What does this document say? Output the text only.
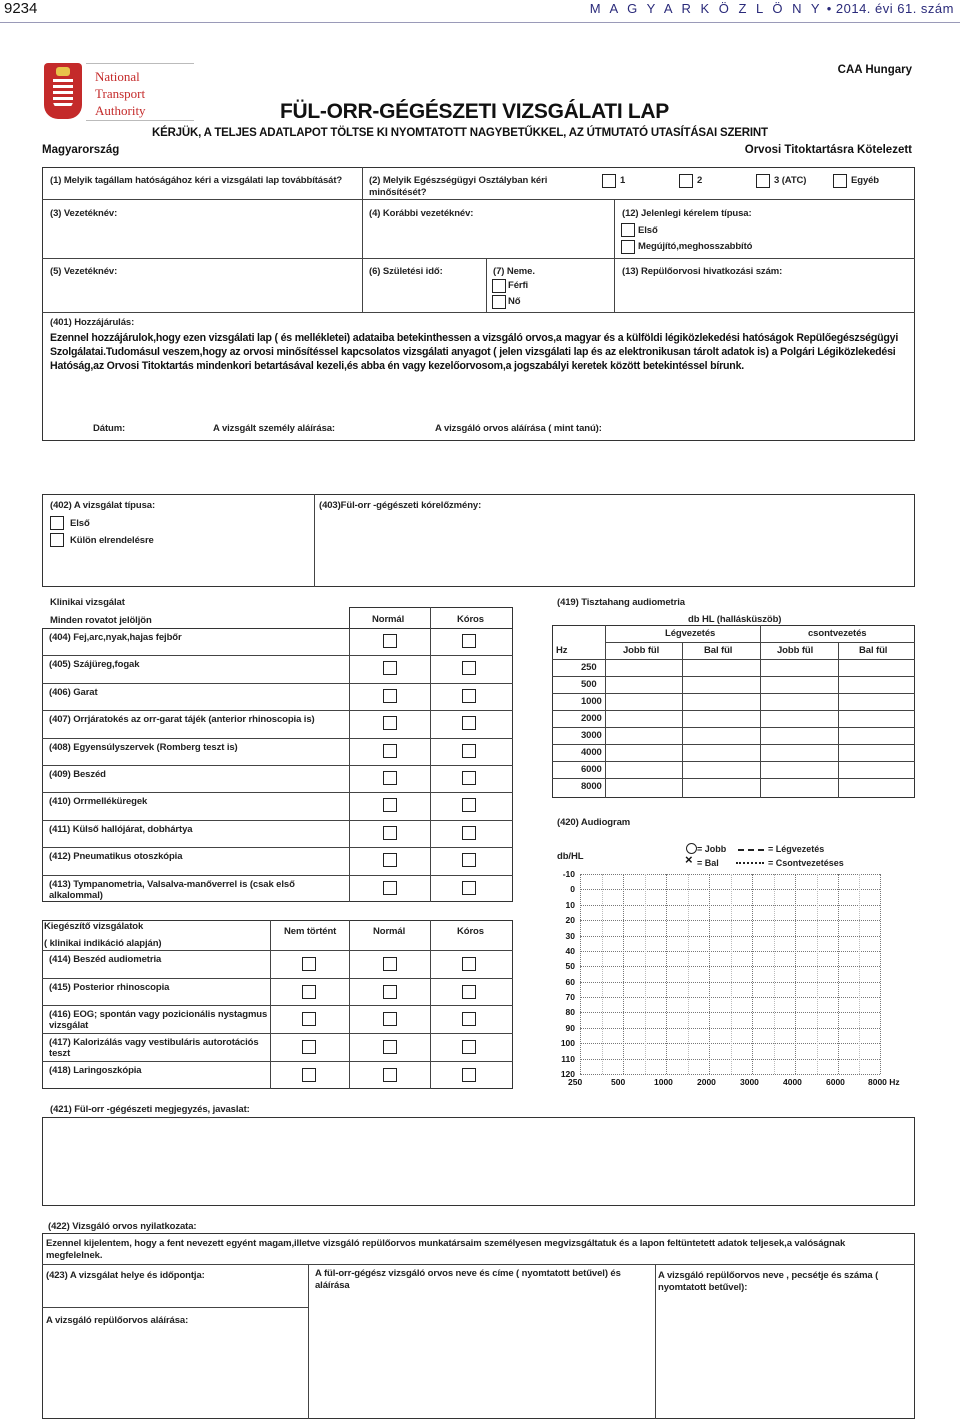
9234	M A G Y A R K Ö Z L Ö N Y • 2014. évi 61. szám
National
Transport
Authority
CAA Hungary
FÜL-ORR-GÉGÉSZETI VIZSGÁLATI LAP
KÉRJÜK, A TELJES ADATLAPOT TÖLTSE KI NYOMTATOTT NAGYBETŰKKEL, AZ ÚTMUTATÓ UTASÍTÁSAI SZERINT
Magyarország	Orvosi Titoktartásra Kötelezett
(1) Melyik tagállam hatóságához kéri a vizsgálati lap továbbítását?	(2) Melyik Egészségügyi Osztályban kéri minősítését?
1	2	3 (ATC)	Egyéb
(3) Vezetéknév:	(4) Korábbi vezetéknév:	(12) Jelenlegi kérelem típusa:
Első
Megújító,meghosszabbító
(5) Vezetéknév:	(6) Születési idő:	(7) Neme.
Férfi
Nő
(13) Repülőorvosi hivatkozási szám:
(401) Hozzájárulás:
Ezennel hozzájárulok,hogy ezen vizsgálati lap ( és mellékletei) adataiba betekinthessen a vizsgáló orvos,a magyar és a külföldi légiközlekedési hatóságok Repülőegészségügyi Szolgálatai.Tudomásul veszem,hogy az orvosi minősítéssel kapcsolatos vizsgálati anyagot ( jelen vizsgálati lap és az elektronikusan tárolt adatok is) a Polgári Légiközlekedési Hatóság,az Orvosi Titoktartás mindenkori betartásával kezeli,és abba én vagy kezelőorvosom,a jogszabályi keretek között betekintéssel bírunk.
Dátum:	A vizsgált személy aláírása:	A vizsgáló orvos aláírása ( mint tanú):
(402) A vizsgálat típusa:
Első
Külön elrendelésre
(403)Fül-orr -gégészeti kórelőzmény:
Klinikai vizsgálat
Minden rovatot jelöljön	Normál	Kóros
(404) Fej,arc,nyak,hajas fejbőr
(405) Szájüreg,fogak
(406) Garat
(407) Orrjáratokés az orr-garat tájék (anterior rhinoscopia is)
(408) Egyensúlyszervek (Romberg teszt is)
(409) Beszéd
(410) Orrmelléküregek
(411) Külső hallójárat, dobhártya
(412) Pneumatikus otoszkópia
(413) Tympanometria, Valsalva-manőverrel is (csak első alkalommal)
Kiegészítő vizsgálatok
( klinikai indikáció alapján)
Nem történt	Normál	Kóros
(414) Beszéd audiometria
(415) Posterior rhinoscopia
(416) EOG; spontán vagy pozicionális nystagmus vizsgálat
(417) Kalorizálás vagy vestibuláris autorotációs teszt
(418) Laringoszkópia
(419) Tisztahang audiometria
db HL (hallásküszöb)
Légvezetés	csontvezetés
Hz	Jobb fül	Bal fül	Jobb fül	Bal fül
250
500
1000
2000
3000
4000
6000
8000
(420) Audiogram
db/HL
= Jobb
× = Bal
= Légvezetés
= Csontvezetéses
-10
0
10
20
30
40
50
60
70
80
90
100
110
120
250	500	1000	2000	3000	4000	6000	8000 Hz
(421) Fül-orr -gégészeti megjegyzés, javaslat:
(422) Vizsgáló orvos nyilatkozata:
Ezennel kijelentem, hogy a fent nevezett egyént magam,illetve vizsgáló repülőorvos munkatársaim személyesen megvizsgáltatuk és a lapon feltüntetett adatok teljesek,a valóságnak megfelelnek.
(423) A vizsgálat helye és időpontja:	A fül-orr-gégész vizsgáló orvos neve és címe ( nyomtatott betűvel) és aláírása
A vizsgáló repülőorvos neve , pecsétje és száma ( nyomtatott betűvel):
A vizsgáló repülőorvos aláírása:
